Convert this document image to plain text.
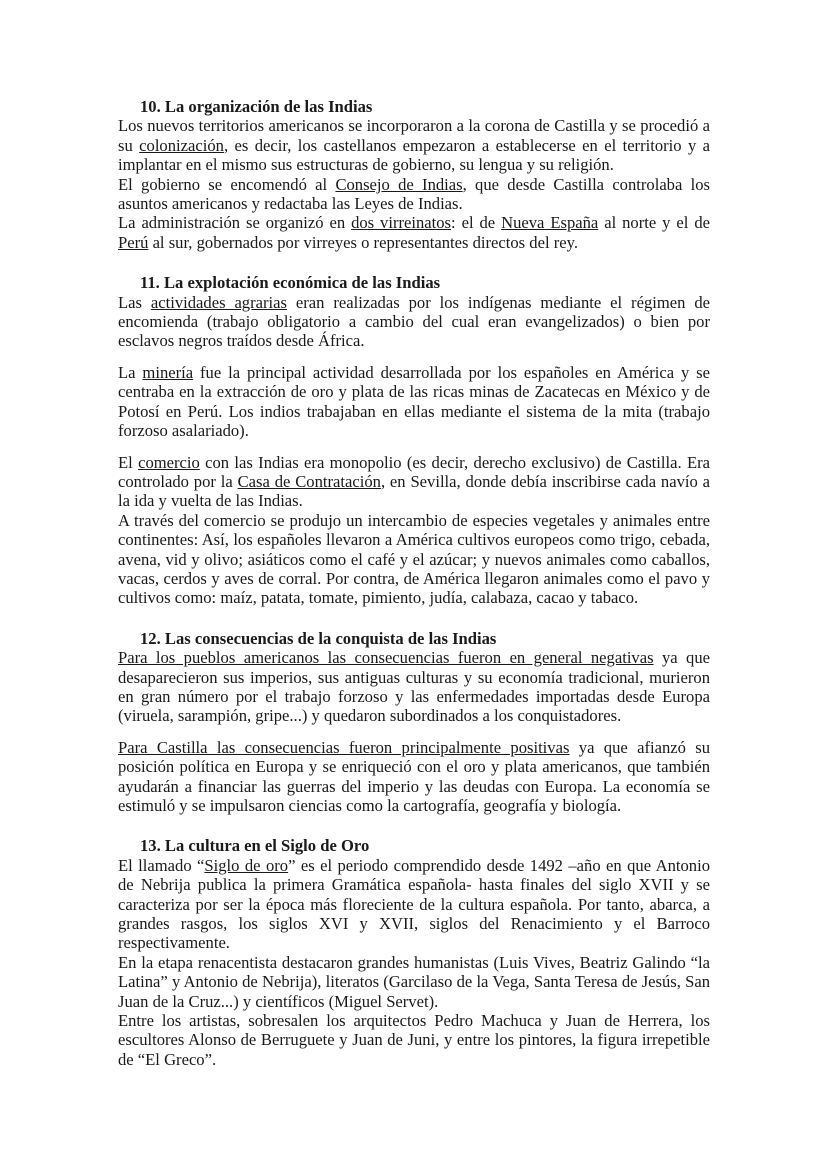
10. La organización de las Indias

Los nuevos territorios americanos se incorporaron a la corona de Castilla y se procedió a su colonización, es decir, los castellanos empezaron a establecerse en el territorio y a implantar en el mismo sus estructuras de gobierno, su lengua y su religión.

El gobierno se encomendó al Consejo de Indias, que desde Castilla controlaba los asuntos americanos y redactaba las Leyes de Indias.

La administración se organizó en dos virreinatos: el de Nueva España al norte y el de Perú al sur, gobernados por virreyes o representantes directos del rey.

11. La explotación económica de las Indias

Las actividades agrarias eran realizadas por los indígenas mediante el régimen de encomienda (trabajo obligatorio a cambio del cual eran evangelizados) o bien por esclavos negros traídos desde África.

La minería fue la principal actividad desarrollada por los españoles en América y se centraba en la extracción de oro y plata de las ricas minas de Zacatecas en México y de Potosí en Perú. Los indios trabajaban en ellas mediante el sistema de la mita (trabajo forzoso asalariado).

El comercio con las Indias era monopolio (es decir, derecho exclusivo) de Castilla. Era controlado por la Casa de Contratación, en Sevilla, donde debía inscribirse cada navío a la ida y vuelta de las Indias.

A través del comercio se produjo un intercambio de especies vegetales y animales entre continentes: Así, los españoles llevaron a América cultivos europeos como trigo, cebada, avena, vid y olivo; asiáticos como el café y el azúcar; y nuevos animales como caballos, vacas, cerdos y aves de corral. Por contra, de América llegaron animales como el pavo y cultivos como: maíz, patata, tomate, pimiento, judía, calabaza, cacao y tabaco.

12. Las consecuencias de la conquista de las Indias

Para los pueblos americanos las consecuencias fueron en general negativas ya que desaparecieron sus imperios, sus antiguas culturas y su economía tradicional, murieron en gran número por el trabajo forzoso y las enfermedades importadas desde Europa (viruela, sarampión, gripe...) y quedaron subordinados a los conquistadores.

Para Castilla las consecuencias fueron principalmente positivas ya que afianzó su posición política en Europa y se enriqueció con el oro y plata americanos, que también ayudarán a financiar las guerras del imperio y las deudas con Europa. La economía se estimuló y se impulsaron ciencias como la cartografía, geografía y biología.

13. La cultura en el Siglo de Oro

El llamado “Siglo de oro” es el periodo comprendido desde 1492 –año en que Antonio de Nebrija publica la primera Gramática española- hasta finales del siglo XVII y se caracteriza por ser la época más floreciente de la cultura española. Por tanto, abarca, a grandes rasgos, los siglos XVI y XVII, siglos del Renacimiento y el Barroco respectivamente.

En la etapa renacentista destacaron grandes humanistas (Luis Vives, Beatriz Galindo “la Latina” y Antonio de Nebrija), literatos (Garcilaso de la Vega, Santa Teresa de Jesús, San Juan de la Cruz...) y científicos (Miguel Servet).

Entre los artistas, sobresalen los arquitectos Pedro Machuca y Juan de Herrera, los escultores Alonso de Berruguete y Juan de Juni, y entre los pintores, la figura irrepetible de “El Greco”.
